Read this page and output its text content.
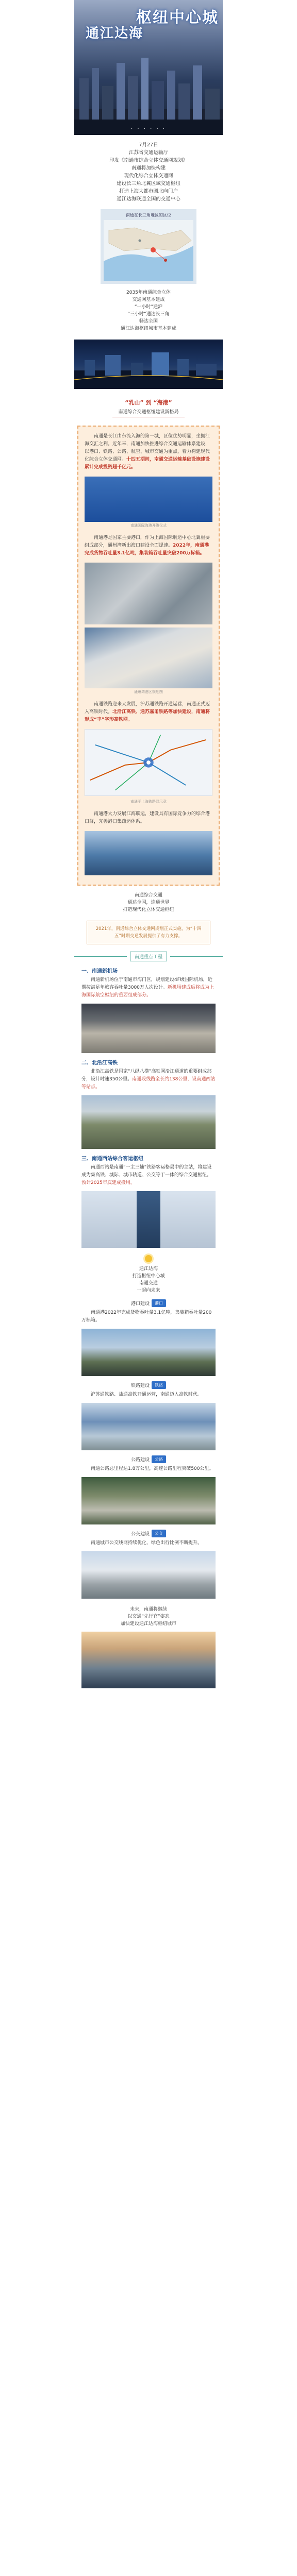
枢纽中心城
通江达海
· · · · · ·
7月27日
江苏省交通运输厅
印发《南通市综合立体交通网规划》
南通将加快构建
现代化综合立体交通网
建设长三角北翼区域交通枢纽
打造上海大都市圈北向门户
通江达海联通全国的交通中心
南通在长三角地区的区位
2035年南通综合立体
交通网基本建成
“一小时”通沪
“三小时”通达长三角
畅达全国
通江达海枢纽城市基本建成
“乳山” 到 “海港”
南通综合交通枢纽建设新格局

南通是长江由东流入海的第一城，区位优势明显，坐拥江海交汇之利。近年来，南通加快推进综合交通运输体系建设，以港口、铁路、公路、航空、城市交通为重点，着力构建现代化综合立体交通网。十四五期间，南通交通运输基础设施建设累计完成投资超千亿元。

南通国际海港开港仪式

南通港是国家主要港口，作为上海国际航运中心北翼重要组成部分，通州湾新出海口建设全面提速。2022年，南通港完成货物吞吐量3.1亿吨，集装箱吞吐量突破200万标箱。

通州湾港区规划图

南通铁路迎来大发展，沪苏通铁路开通运营，南通正式迈入高铁时代。北沿江高铁、通苏嘉甬铁路等加快建设，南通将形成“丰”字形高铁网。

南通至上海铁路网示意

南通港大力发展江海联运，建设具有国际竞争力的综合港口群，完善港口集疏运体系。

南通综合交通
通达全国，连通世界
打造现代化立体交通枢纽
2021年，南通综合立体交通网规划正式实施，为“十四五”时期交通发展提供了有力支撑。
南通重点工程
一、南通新机场
南通新机场位于南通市海门区，规划建设4F级国际机场，近期按满足年旅客吞吐量3000万人次设计。新机场建成后将成为上海国际航空枢纽的重要组成部分。
二、北沿江高铁
北沿江高铁是国家“八纵八横”高铁网沿江通道的重要组成部分，设计时速350公里。南通段线路全长约138公里，设南通西站等站点。
三、南通西站综合客运枢纽
南通西站是南通“一主三辅”铁路客运格局中的主站，将建设成为集高铁、城际、城市轨道、公交等于一体的综合交通枢纽。预计2025年底建成投用。
通江达海
打造枢纽中心城
南通交通
一起向未来
港口建设	港口
南通港2022年完成货物吞吐量3.1亿吨，集装箱吞吐量200万标箱。
铁路建设	铁路
沪苏通铁路、盐通高铁开通运营，南通迈入高铁时代。
公路建设	公路
南通公路总里程达1.8万公里，高速公路里程突破500公里。
公交建设	公交
南通城市公交线网持续优化，绿色出行比例不断提升。
未来，南通将继续
以交通“先行官”姿态
加快建设通江达海枢纽城市
